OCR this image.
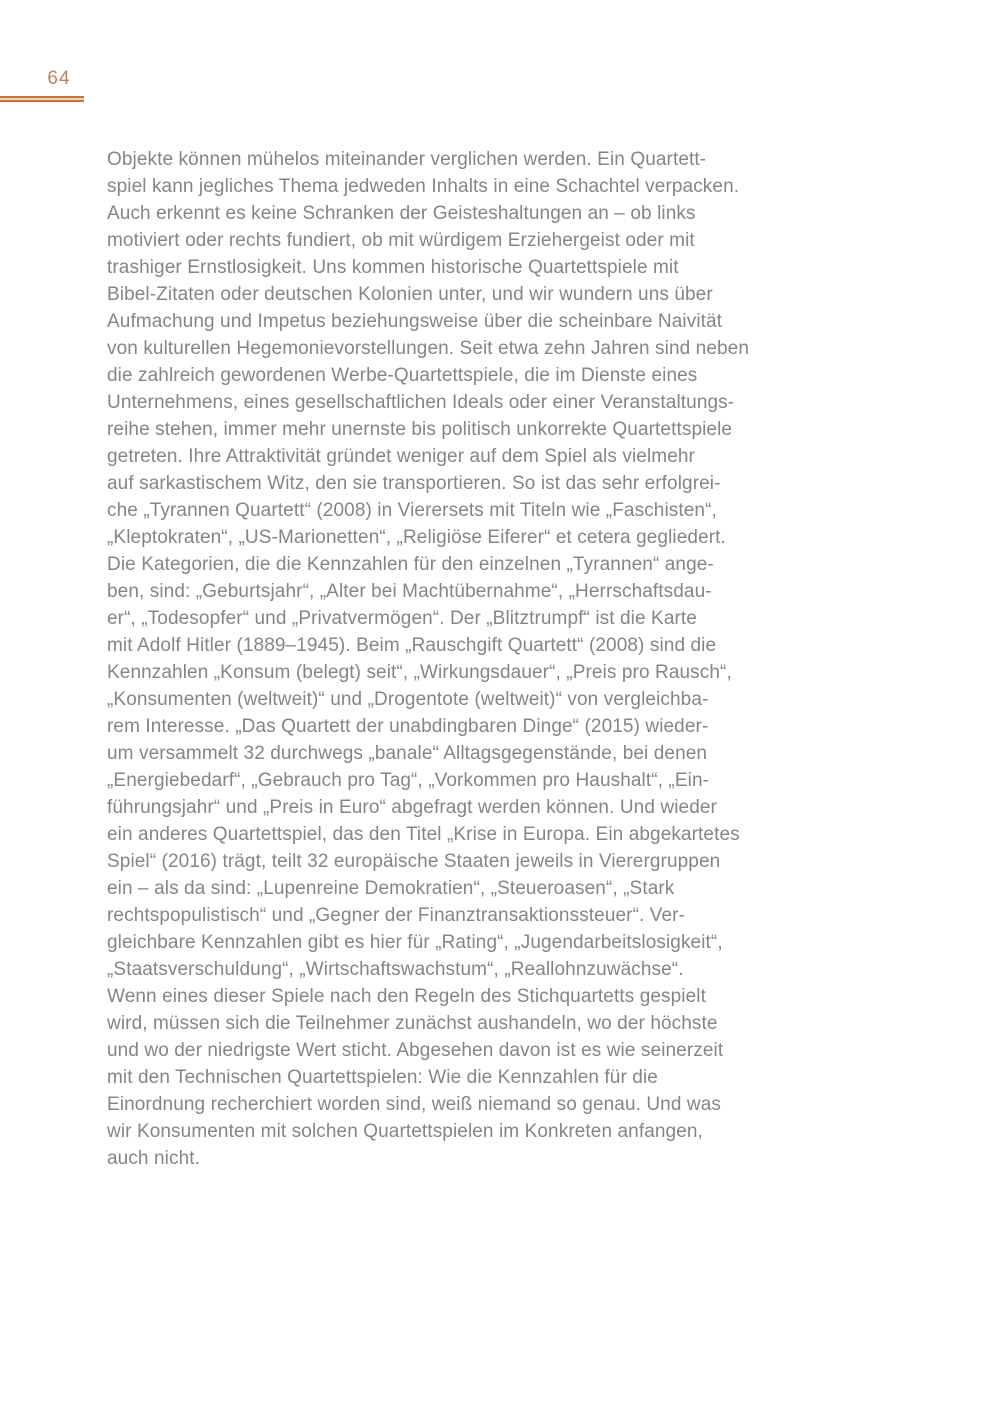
64
Objekte können mühelos miteinander verglichen werden. Ein Quartett-
spiel kann jegliches Thema jedweden Inhalts in eine Schachtel verpacken.
Auch erkennt es keine Schranken der Geisteshaltungen an – ob links
motiviert oder rechts fundiert, ob mit würdigem Erziehergeist oder mit
trashiger Ernstlosigkeit. Uns kommen historische Quartettspiele mit
Bibel-Zitaten oder deutschen Kolonien unter, und wir wundern uns über
Aufmachung und Impetus beziehungsweise über die scheinbare Naivität
von kulturellen Hegemonievorstellungen. Seit etwa zehn Jahren sind neben
die zahlreich gewordenen Werbe-Quartettspiele, die im Dienste eines
Unternehmens, eines gesellschaftlichen Ideals oder einer Veranstaltungs-
reihe stehen, immer mehr unernste bis politisch unkorrekte Quartettspiele
getreten. Ihre Attraktivität gründet weniger auf dem Spiel als vielmehr
auf sarkastischem Witz, den sie transportieren. So ist das sehr erfolgrei-
che „Tyrannen Quartett“ (2008) in Vierersets mit Titeln wie „Faschisten“,
„Kleptokraten“, „US-Marionetten“, „Religiöse Eiferer“ et cetera gegliedert.
Die Kategorien, die die Kennzahlen für den einzelnen „Tyrannen“ ange-
ben, sind: „Geburtsjahr“, „Alter bei Machtübernahme“, „Herrschaftsdau-
er“, „Todesopfer“ und „Privatvermögen“. Der „Blitztrumpf“ ist die Karte
mit Adolf Hitler (1889–1945). Beim „Rauschgift Quartett“ (2008) sind die
Kennzahlen „Konsum (belegt) seit“, „Wirkungsdauer“, „Preis pro Rausch“,
„Konsumenten (weltweit)“ und „Drogentote (weltweit)“ von vergleichba-
rem Interesse. „Das Quartett der unabdingbaren Dinge“ (2015) wieder-
um versammelt 32 durchwegs „banale“ Alltagsgegenstände, bei denen
„Energiebedarf“, „Gebrauch pro Tag“, „Vorkommen pro Haushalt“, „Ein-
führungsjahr“ und „Preis in Euro“ abgefragt werden können. Und wieder
ein anderes Quartettspiel, das den Titel „Krise in Europa. Ein abgekartetes
Spiel“ (2016) trägt, teilt 32 europäische Staaten jeweils in Vierergruppen
ein – als da sind: „Lupenreine Demokratien“, „Steueroasen“, „Stark
rechtspopulistisch“ und „Gegner der Finanztransaktionssteuer“. Ver-
gleichbare Kennzahlen gibt es hier für „Rating“, „Jugendarbeitslosigkeit“,
„Staatsverschuldung“, „Wirtschaftswachstum“, „Reallohnzuwächse“.
Wenn eines dieser Spiele nach den Regeln des Stichquartetts gespielt
wird, müssen sich die Teilnehmer zunächst aushandeln, wo der höchste
und wo der niedrigste Wert sticht. Abgesehen davon ist es wie seinerzeit
mit den Technischen Quartettspielen: Wie die Kennzahlen für die
Einordnung recherchiert worden sind, weiß niemand so genau. Und was
wir Konsumenten mit solchen Quartettspielen im Konkreten anfangen,
auch nicht.
